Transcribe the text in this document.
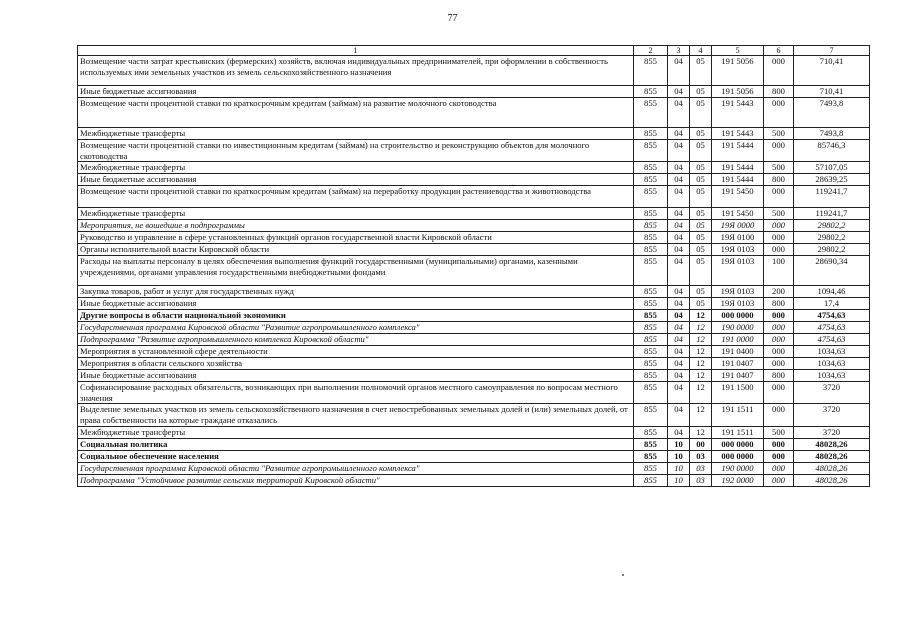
77
1	2	3	4	5	6	7
Возмещение части затрат крестьянских (фермерских) хозяйств, включая индивидуальных предпринимателей, при оформлении в собственность используемых ими земельных участков из земель сельскохозяйственного назначения	855	04	05	191 5056	000	710,41
Иные бюджетные ассигнования	855	04	05	191 5056	800	710,41
Возмещение части процентной ставки по краткосрочным кредитам (займам) на развитие молочного скотоводства	855	04	05	191 5443	000	7493,8
Межбюджетные трансферты	855	04	05	191 5443	500	7493,8
Возмещение части процентной ставки по инвестиционным кредитам (займам) на строительство и реконструкцию объектов для молочного скотоводства	855	04	05	191 5444	000	85746,3
Межбюджетные трансферты	855	04	05	191 5444	500	57107,05
Иные бюджетные ассигнования	855	04	05	191 5444	800	28639,25
Возмещение части процентной ставки по краткосрочным кредитам (займам) на переработку продукции растениеводства и животноводства	855	04	05	191 5450	000	119241,7
Межбюджетные трансферты	855	04	05	191 5450	500	119241,7
Мероприятия, не вошедшие в подпрограммы	855	04	05	19Я 0000	000	29802,2
Руководство и управление в сфере установленных функций органов государственной власти Кировской области	855	04	05	19Я 0100	000	29802,2
Органы исполнительной власти Кировской области	855	04	05	19Я 0103	000	29802,2
Расходы на выплаты персоналу в целях обеспечения выполнения функций государственными (муниципальными) органами, казенными учреждениями, органами управления государственными внебюджетными фондами	855	04	05	19Я 0103	100	28690,34
Закупка товаров, работ и услуг для государственных нужд	855	04	05	19Я 0103	200	1094,46
Иные бюджетные ассигнования	855	04	05	19Я 0103	800	17,4
Другие вопросы в области национальной экономики	855	04	12	000 0000	000	4754,63
Государственная программа Кировской области "Развитие агропромышленного комплекса"	855	04	12	190 0000	000	4754,63
Подпрограмма "Развитие агропромышленного комплекса Кировской области"	855	04	12	191 0000	000	4754,63
Мероприятия в установленной сфере деятельности	855	04	12	191 0400	000	1034,63
Мероприятия в области сельского хозяйства	855	04	12	191 0407	000	1034,63
Иные бюджетные ассигнования	855	04	12	191 0407	800	1034,63
Софинансирование расходных обязательств, возникающих при выполнении полномочий органов местного самоуправления по вопросам местного значения	855	04	12	191 1500	000	3720
Выделение земельных участков из земель сельскохозяйственного назначения в счет невостребованных земельных долей и (или) земельных долей, от права собственности на которые граждане отказались	855	04	12	191 1511	000	3720
Межбюджетные трансферты	855	04	12	191 1511	500	3720
Социальная политика	855	10	00	000 0000	000	48028,26
Социальное обеспечение населения	855	10	03	000 0000	000	48028,26
Государственная программа Кировской области "Развитие агропромышленного комплекса"	855	10	03	190 0000	000	48028,26
Подпрограмма "Устойчивое развитие сельских территорий Кировской области"	855	10	03	192 0000	000	48028,26
